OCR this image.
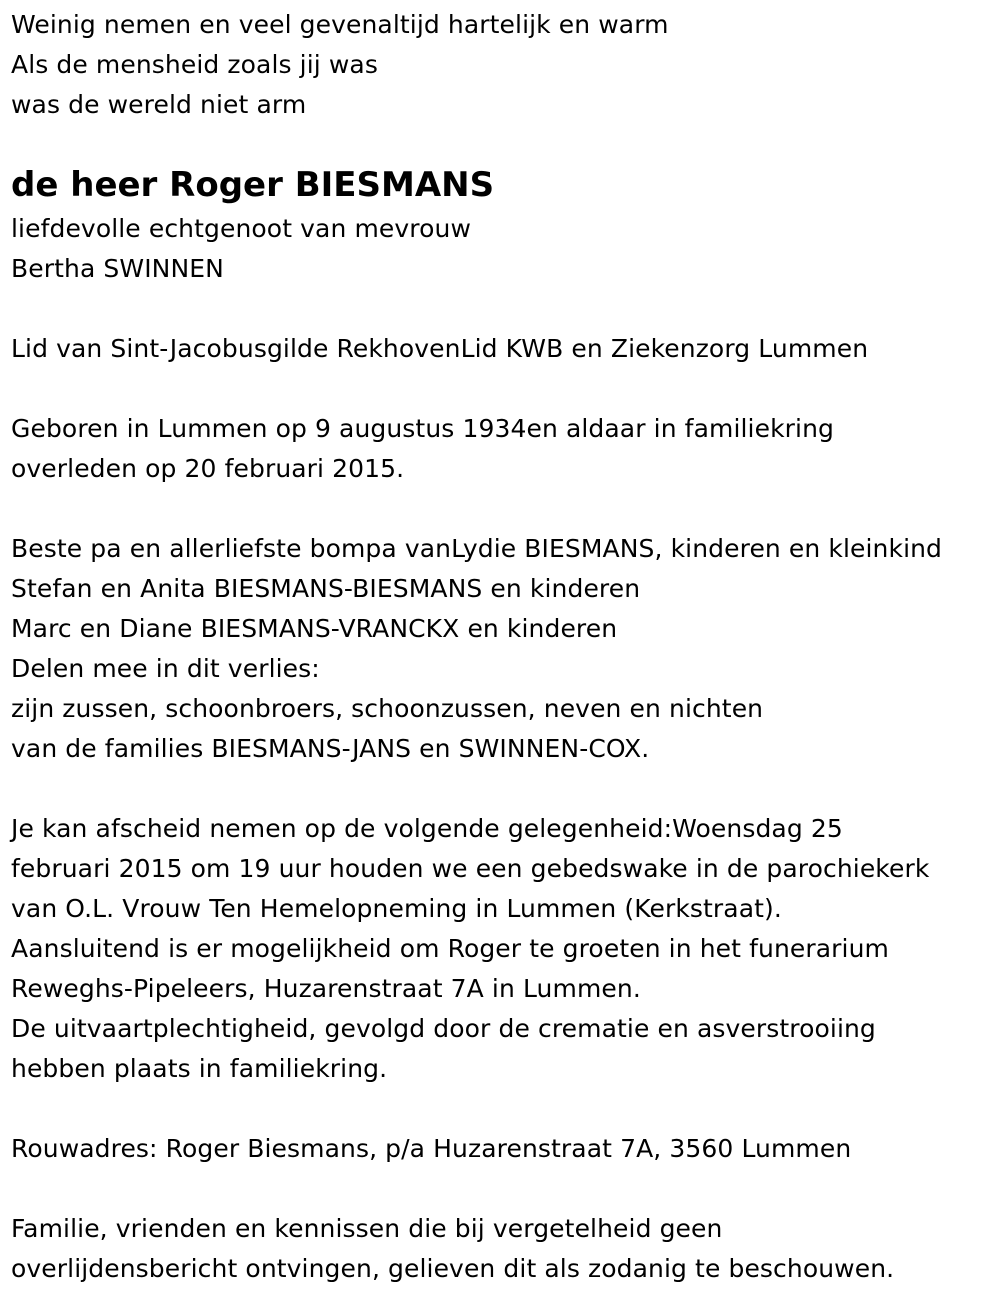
Weinig nemen en veel gevenaltijd hartelijk en warm
Als de mensheid zoals jij was
was de wereld niet arm
de heer Roger BIESMANS
liefdevolle echtgenoot van mevrouw
Bertha SWINNEN
Lid van Sint-Jacobusgilde RekhovenLid KWB en Ziekenzorg Lummen
Geboren in Lummen op 9 augustus 1934en aldaar in familiekring
overleden op 20 februari 2015.
Beste pa en allerliefste bompa vanLydie BIESMANS, kinderen en kleinkind
Stefan en Anita BIESMANS-BIESMANS en kinderen
Marc en Diane BIESMANS-VRANCKX en kinderen
Delen mee in dit verlies:
zijn zussen, schoonbroers, schoonzussen, neven en nichten
van de families BIESMANS-JANS en SWINNEN-COX.
Je kan afscheid nemen op de volgende gelegenheid:Woensdag 25
februari 2015 om 19 uur houden we een gebedswake in de parochiekerk
van O.L. Vrouw Ten Hemelopneming in Lummen (Kerkstraat).
Aansluitend is er mogelijkheid om Roger te groeten in het funerarium
Reweghs-Pipeleers, Huzarenstraat 7A in Lummen.
De uitvaartplechtigheid, gevolgd door de crematie en asverstrooiing
hebben plaats in familiekring.
Rouwadres: Roger Biesmans, p/a Huzarenstraat 7A, 3560 Lummen
Familie, vrienden en kennissen die bij vergetelheid geen
overlijdensbericht ontvingen, gelieven dit als zodanig te beschouwen.
